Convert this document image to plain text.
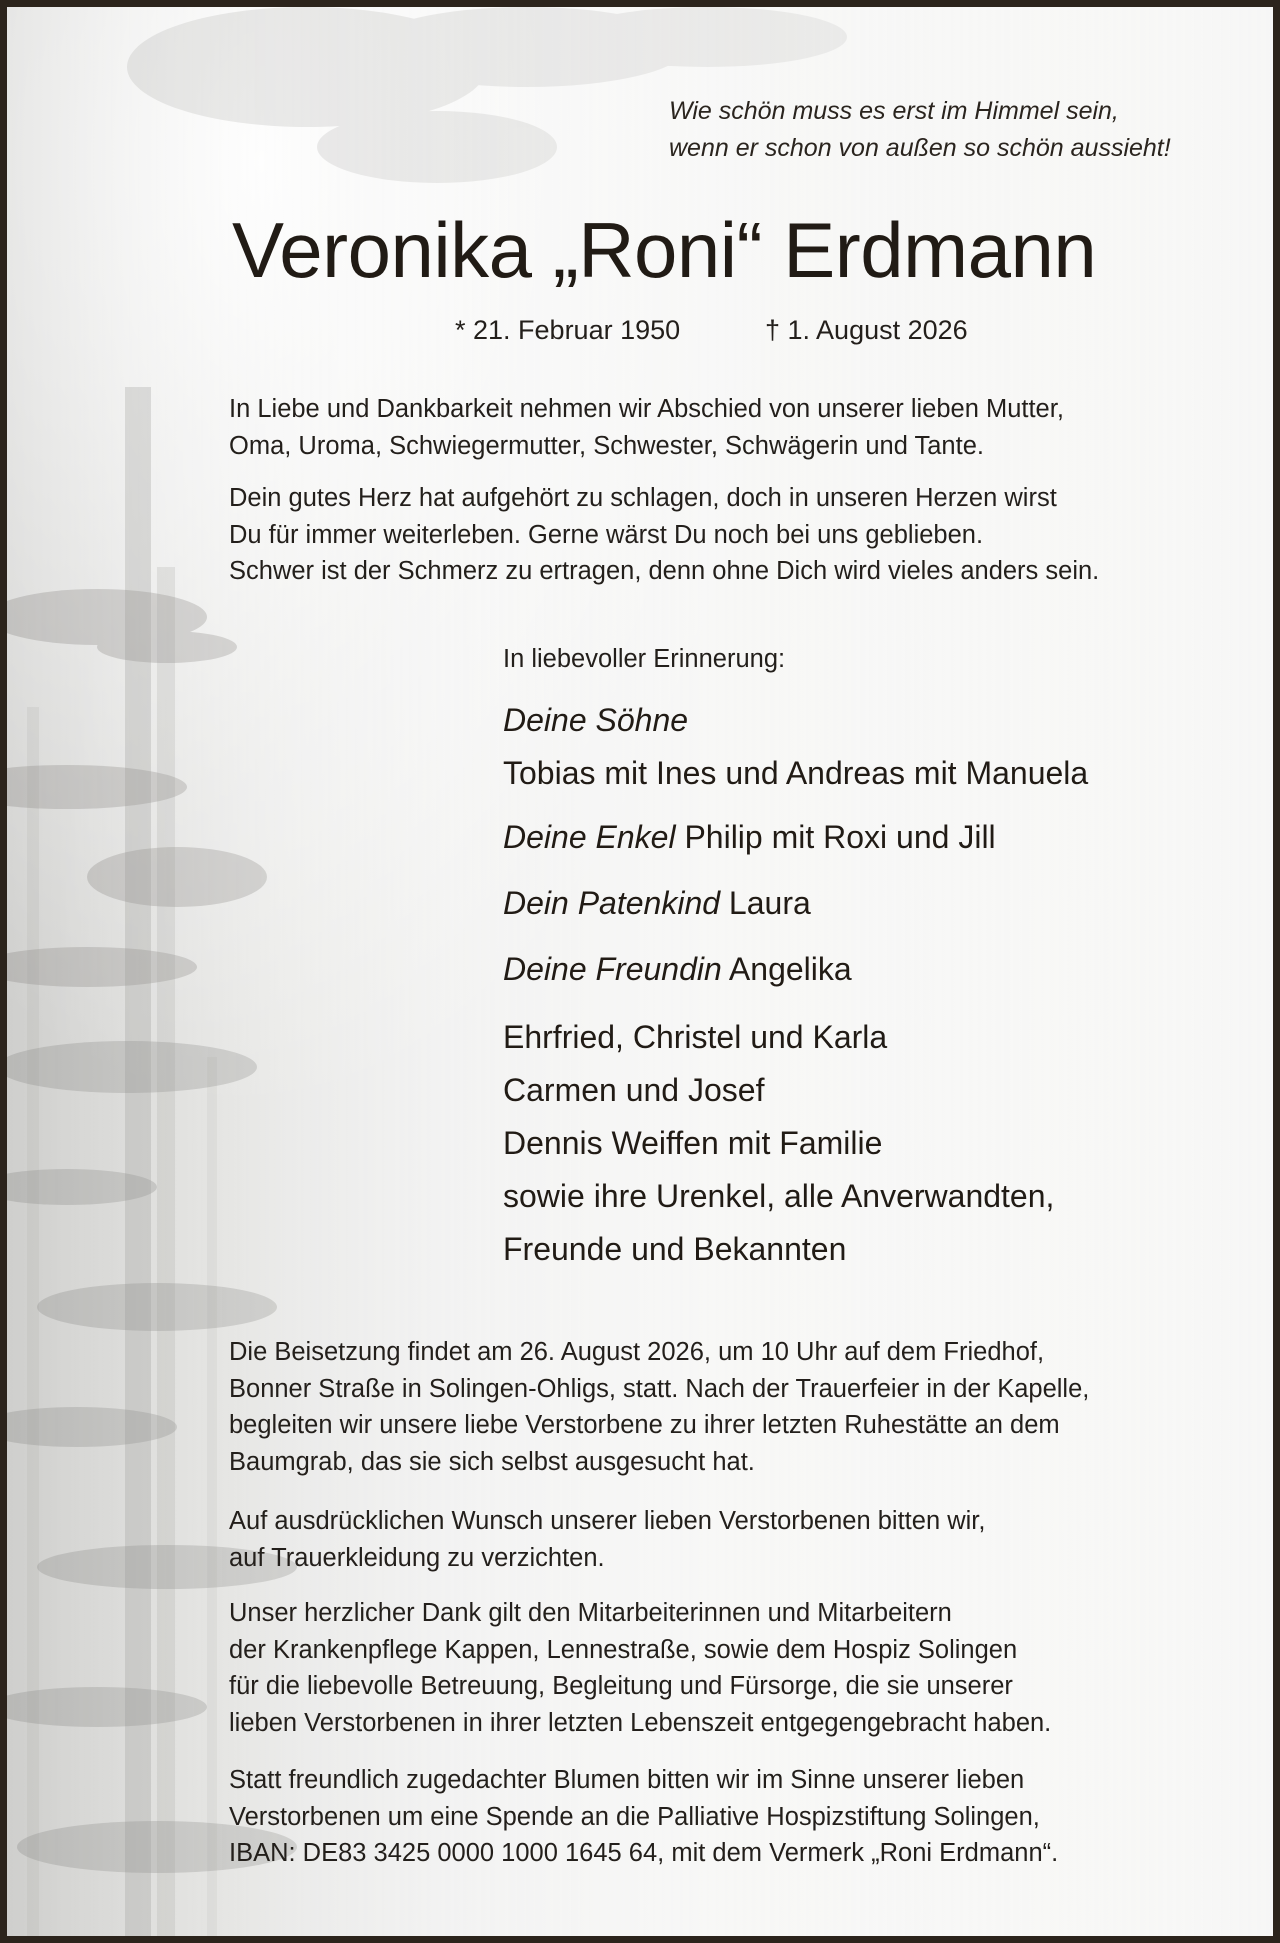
Wie schön muss es erst im Himmel sein,
wenn er schon von außen so schön aussieht!
Veronika „Roni“ Erdmann
* 21. Februar 1950	† 1. August 2026
In Liebe und Dankbarkeit nehmen wir Abschied von unserer lieben Mutter,
Oma, Uroma, Schwiegermutter, Schwester, Schwägerin und Tante.
Dein gutes Herz hat aufgehört zu schlagen, doch in unseren Herzen wirst
Du für immer weiterleben. Gerne wärst Du noch bei uns geblieben.
Schwer ist der Schmerz zu ertragen, denn ohne Dich wird vieles anders sein.
In liebevoller Erinnerung:
Deine Söhne
Tobias mit Ines und Andreas mit Manuela
Deine Enkel Philip mit Roxi und Jill
Dein Patenkind Laura
Deine Freundin Angelika
Ehrfried, Christel und Karla
Carmen und Josef
Dennis Weiffen mit Familie
sowie ihre Urenkel, alle Anverwandten,
Freunde und Bekannten
Die Beisetzung findet am 26. August 2026, um 10 Uhr auf dem Friedhof,
Bonner Straße in Solingen-Ohligs, statt. Nach der Trauerfeier in der Kapelle,
begleiten wir unsere liebe Verstorbene zu ihrer letzten Ruhestätte an dem
Baumgrab, das sie sich selbst ausgesucht hat.
Auf ausdrücklichen Wunsch unserer lieben Verstorbenen bitten wir,
auf Trauerkleidung zu verzichten.
Unser herzlicher Dank gilt den Mitarbeiterinnen und Mitarbeitern
der Krankenpflege Kappen, Lennestraße, sowie dem Hospiz Solingen
für die liebevolle Betreuung, Begleitung und Fürsorge, die sie unserer
lieben Verstorbenen in ihrer letzten Lebenszeit entgegengebracht haben.
Statt freundlich zugedachter Blumen bitten wir im Sinne unserer lieben
Verstorbenen um eine Spende an die Palliative Hospizstiftung Solingen,
IBAN: DE83 3425 0000 1000 1645 64, mit dem Vermerk „Roni Erdmann“.
